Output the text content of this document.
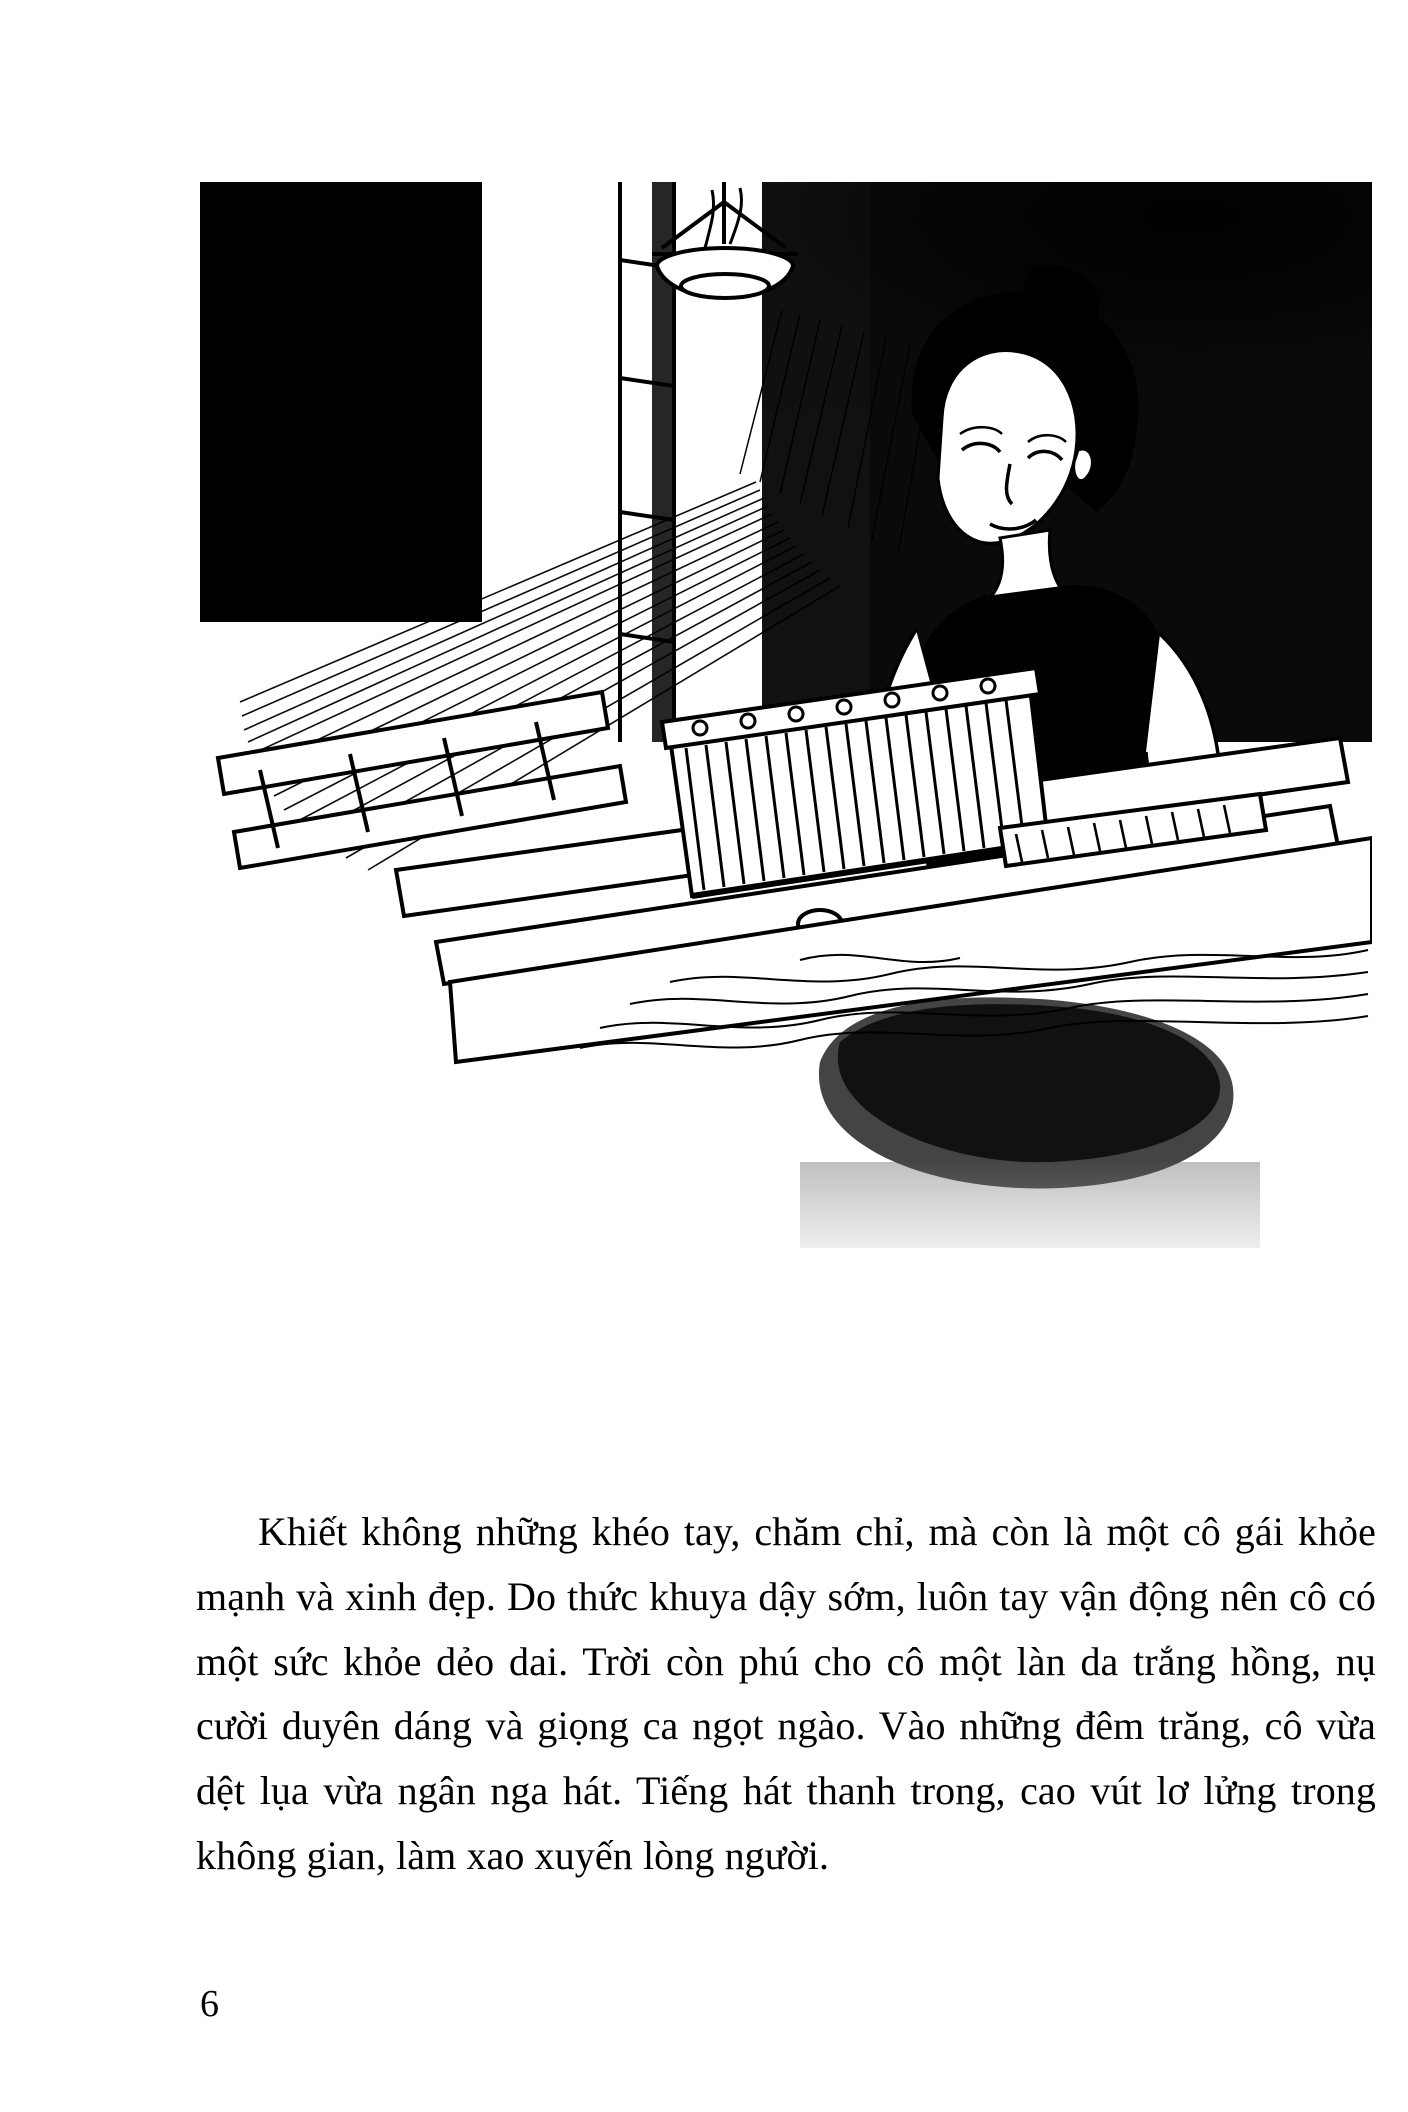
Khiết không những khéo tay, chăm chỉ, mà còn là một cô gái khỏe mạnh và xinh đẹp. Do thức khuya dậy sớm, luôn tay vận động nên cô có một sức khỏe dẻo dai. Trời còn phú cho cô một làn da trắng hồng, nụ cười duyên dáng và giọng ca ngọt ngào. Vào những đêm trăng, cô vừa dệt lụa vừa ngân nga hát. Tiếng hát thanh trong, cao vút lơ lửng trong không gian, làm xao xuyến lòng người.

6
